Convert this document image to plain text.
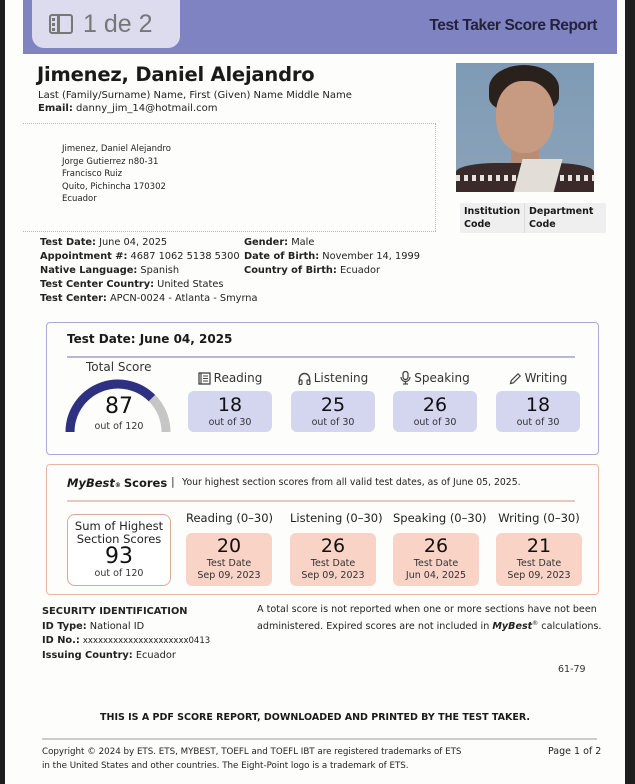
Test Taker Score Report
1 de 2
Jimenez, Daniel Alejandro
Last (Family/Surname) Name, First (Given) Name Middle Name
Email: danny_jim_14@hotmail.com
Jimenez, Daniel Alejandro
Jorge Gutierrez n80-31
Francisco Ruiz
Quito, Pichincha 170302
Ecuador
Institution Code
Department Code
Test Date: June 04, 2025
Appointment #: 4687 1062 5138 5300
Native Language: Spanish
Test Center Country: United States
Test Center: APCN-0024 - Atlanta - Smyrna
Gender: Male
Date of Birth: November 14, 1999
Country of Birth: Ecuador
Test Date: June 04, 2025
Total Score
87
out of 120
Reading
18
out of 30
Listening
25
out of 30
Speaking
26
out of 30
Writing
18
out of 30
MyBest$_®$ Scores | Your highest section scores from all valid test dates, as of June 05, 2025.
Sum of Highest
Section Scores
93
out of 120
Reading (0–30)
20
Test Date
Sep 09, 2023
Listening (0–30)
26
Test Date
Sep 09, 2023
Speaking (0–30)
26
Test Date
Jun 04, 2025
Writing (0–30)
21
Test Date
Sep 09, 2023
SECURITY IDENTIFICATION
ID Type: National ID
ID No.: xxxxxxxxxxxxxxxxxxxxx0413
Issuing Country: Ecuador
A total score is not reported when one or more sections have not been administered. Expired scores are not included in MyBest® calculations.
61-79
THIS IS A PDF SCORE REPORT, DOWNLOADED AND PRINTED BY THE TEST TAKER.
Copyright © 2024 by ETS. ETS, MYBEST, TOEFL and TOEFL IBT are registered trademarks of ETS in the United States and other countries. The Eight-Point logo is a trademark of ETS.
Page 1 of 2
